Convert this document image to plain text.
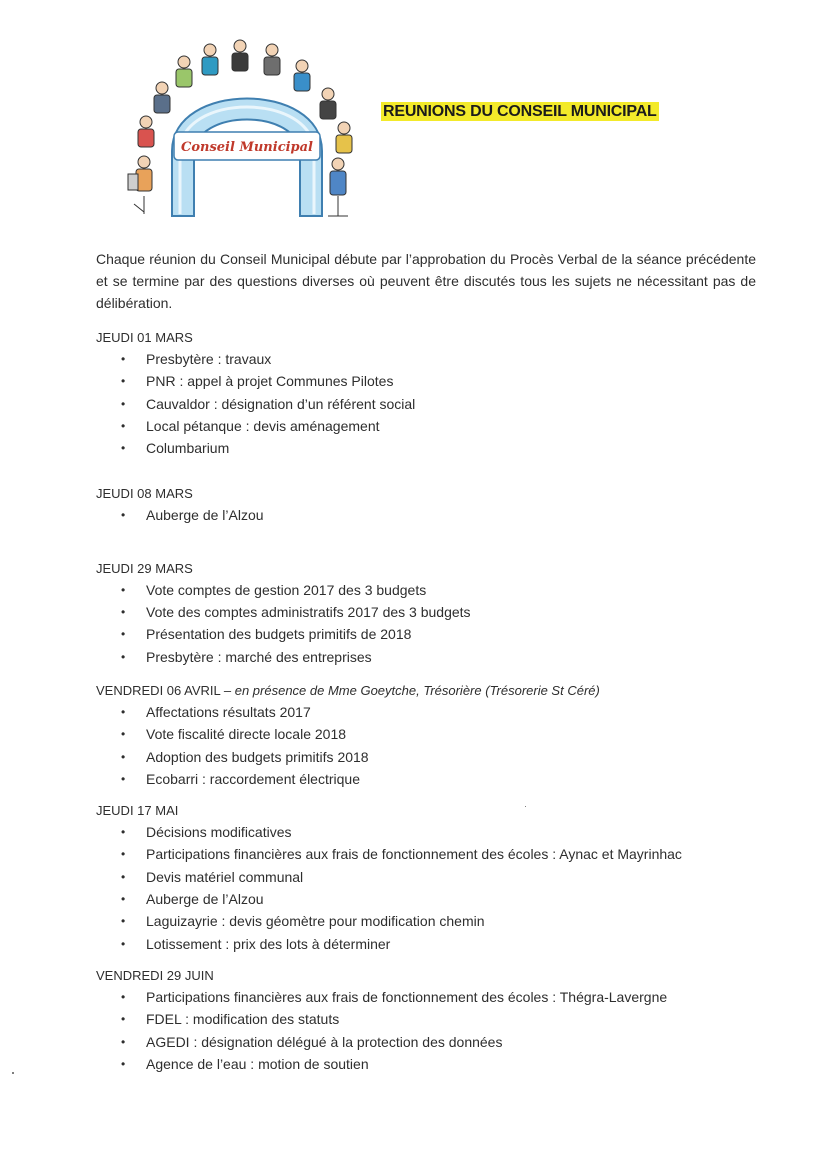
Conseil Municipal
REUNIONS DU CONSEIL MUNICIPAL

Chaque réunion du Conseil Municipal débute par l’approbation du Procès Verbal de la séance précédente et se termine par des questions diverses où peuvent être discutés tous les sujets ne nécessitant pas de délibération.

JEUDI 01 MARS

• Presbytère : travaux
• PNR : appel à projet Communes Pilotes
• Cauvaldor : désignation d’un référent social
• Local pétanque : devis aménagement
• Columbarium

JEUDI 08 MARS

• Auberge de l’Alzou

JEUDI 29 MARS

• Vote comptes de gestion 2017 des 3 budgets
• Vote des comptes administratifs 2017 des 3 budgets
• Présentation des budgets primitifs de 2018
• Presbytère : marché des entreprises

VENDREDI 06 AVRIL – en présence de Mme Goeytche, Trésorière (Trésorerie St Céré)

• Affectations résultats 2017
• Vote fiscalité directe locale 2018
• Adoption des budgets primitifs 2018
• Ecobarri : raccordement électrique

JEUDI 17 MAI

• Décisions modificatives
• Participations financières aux frais de fonctionnement des écoles : Aynac et Mayrinhac
• Devis matériel communal
• Auberge de l’Alzou
• Laguizayrie : devis géomètre pour modification chemin
• Lotissement : prix des lots à déterminer

VENDREDI 29 JUIN

• Participations financières aux frais de fonctionnement des écoles : Thégra-Lavergne
• FDEL : modification des statuts
• AGEDI : désignation délégué à la protection des données
• Agence de l’eau : motion de soutien
